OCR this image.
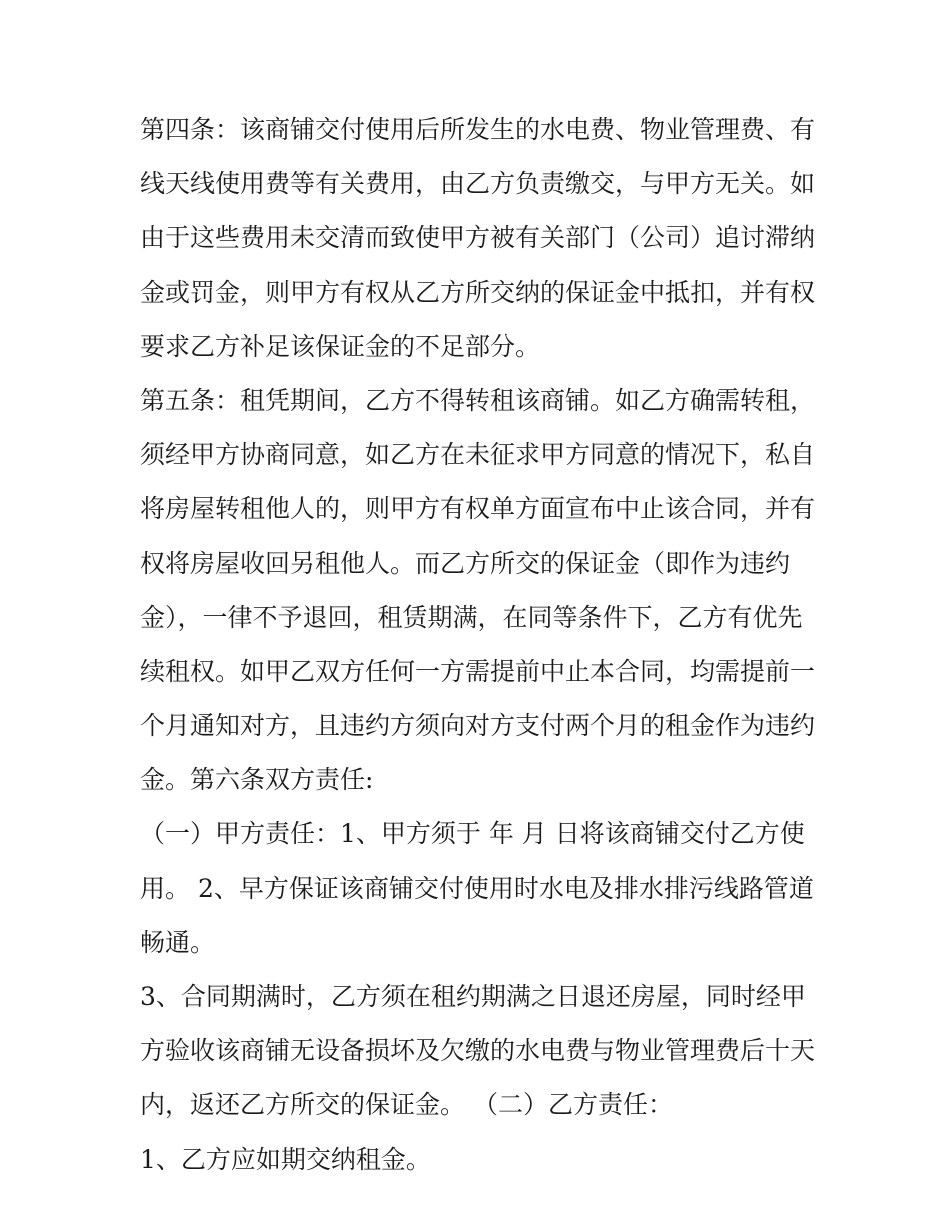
第四条：该商铺交付使用后所发生的水电费、物业管理费、有
线天线使用费等有关费用，由乙方负责缴交，与甲方无关。如
由于这些费用未交清而致使甲方被有关部门（公司）追讨滞纳
金或罚金，则甲方有权从乙方所交纳的保证金中抵扣，并有权
要求乙方补足该保证金的不足部分。
第五条：租凭期间，乙方不得转租该商铺。如乙方确需转租，
须经甲方协商同意，如乙方在未征求甲方同意的情况下，私自
将房屋转租他人的，则甲方有权单方面宣布中止该合同，并有
权将房屋收回另租他人。而乙方所交的保证金（即作为违约
金），一律不予退回，租赁期满，在同等条件下，乙方有优先
续租权。如甲乙双方任何一方需提前中止本合同，均需提前一
个月通知对方，且违约方须向对方支付两个月的租金作为违约
金。第六条双方责任:
（一）甲方责任：1、甲方须于 年 月 日将该商铺交付乙方使
用。 2、早方保证该商铺交付使用时水电及排水排污线路管道
畅通。
3、合同期满时，乙方须在租约期满之日退还房屋，同时经甲
方验收该商铺无设备损坏及欠缴的水电费与物业管理费后十天
内，返还乙方所交的保证金。 （二）乙方责任：
1、乙方应如期交纳租金。
